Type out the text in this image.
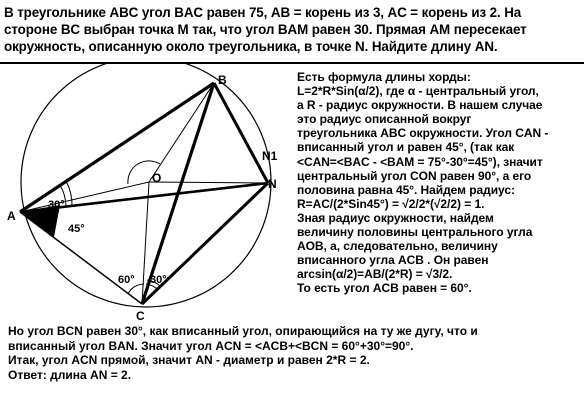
В треугольнике ABC угол BAC равен 75, AB = корень из 3, AC = корень из 2. На
стороне BC выбран точка M так, что угол BAM равен 30. Прямая AM пересекает
окружность, описанную около треугольника, в точке N. Найдите длину AN.
B
A
C
O	N
N1
30°
45°
60° 30°
Есть формула длины хорды:
L=2*R*Sin(α/2), где α - центральный угол,
а R - радиус окружности. В нашем случае
это радиус описанной вокруг
треугольника ABC окружности. Угол CAN -
вписанный угол и равен 45°, (так как
<CAN=<BAC - <BAM = 75°-30°=45°), значит
центральный угол CON равен 90°, а его
половина равна 45°. Найдем радиус:
R=AC/(2*Sin45°) = √2/2*(√2/2) = 1.
Зная радиус окружности, найдем
величину половины центрального угла
AOB, а, следовательно, величину
вписанного угла ACB . Он равен
arcsin(α/2)=AB/(2*R) = √3/2.
То есть угол ACB равен = 60°.
Но угол BCN равен 30°, как вписанный угол, опирающийся на ту же дугу, что и
вписанный угол BAN. Значит угол ACN = <ACB+<BCN = 60°+30°=90°.
Итак, угол ACN прямой, значит AN - диаметр и равен 2*R = 2.
Ответ: длина AN = 2.
